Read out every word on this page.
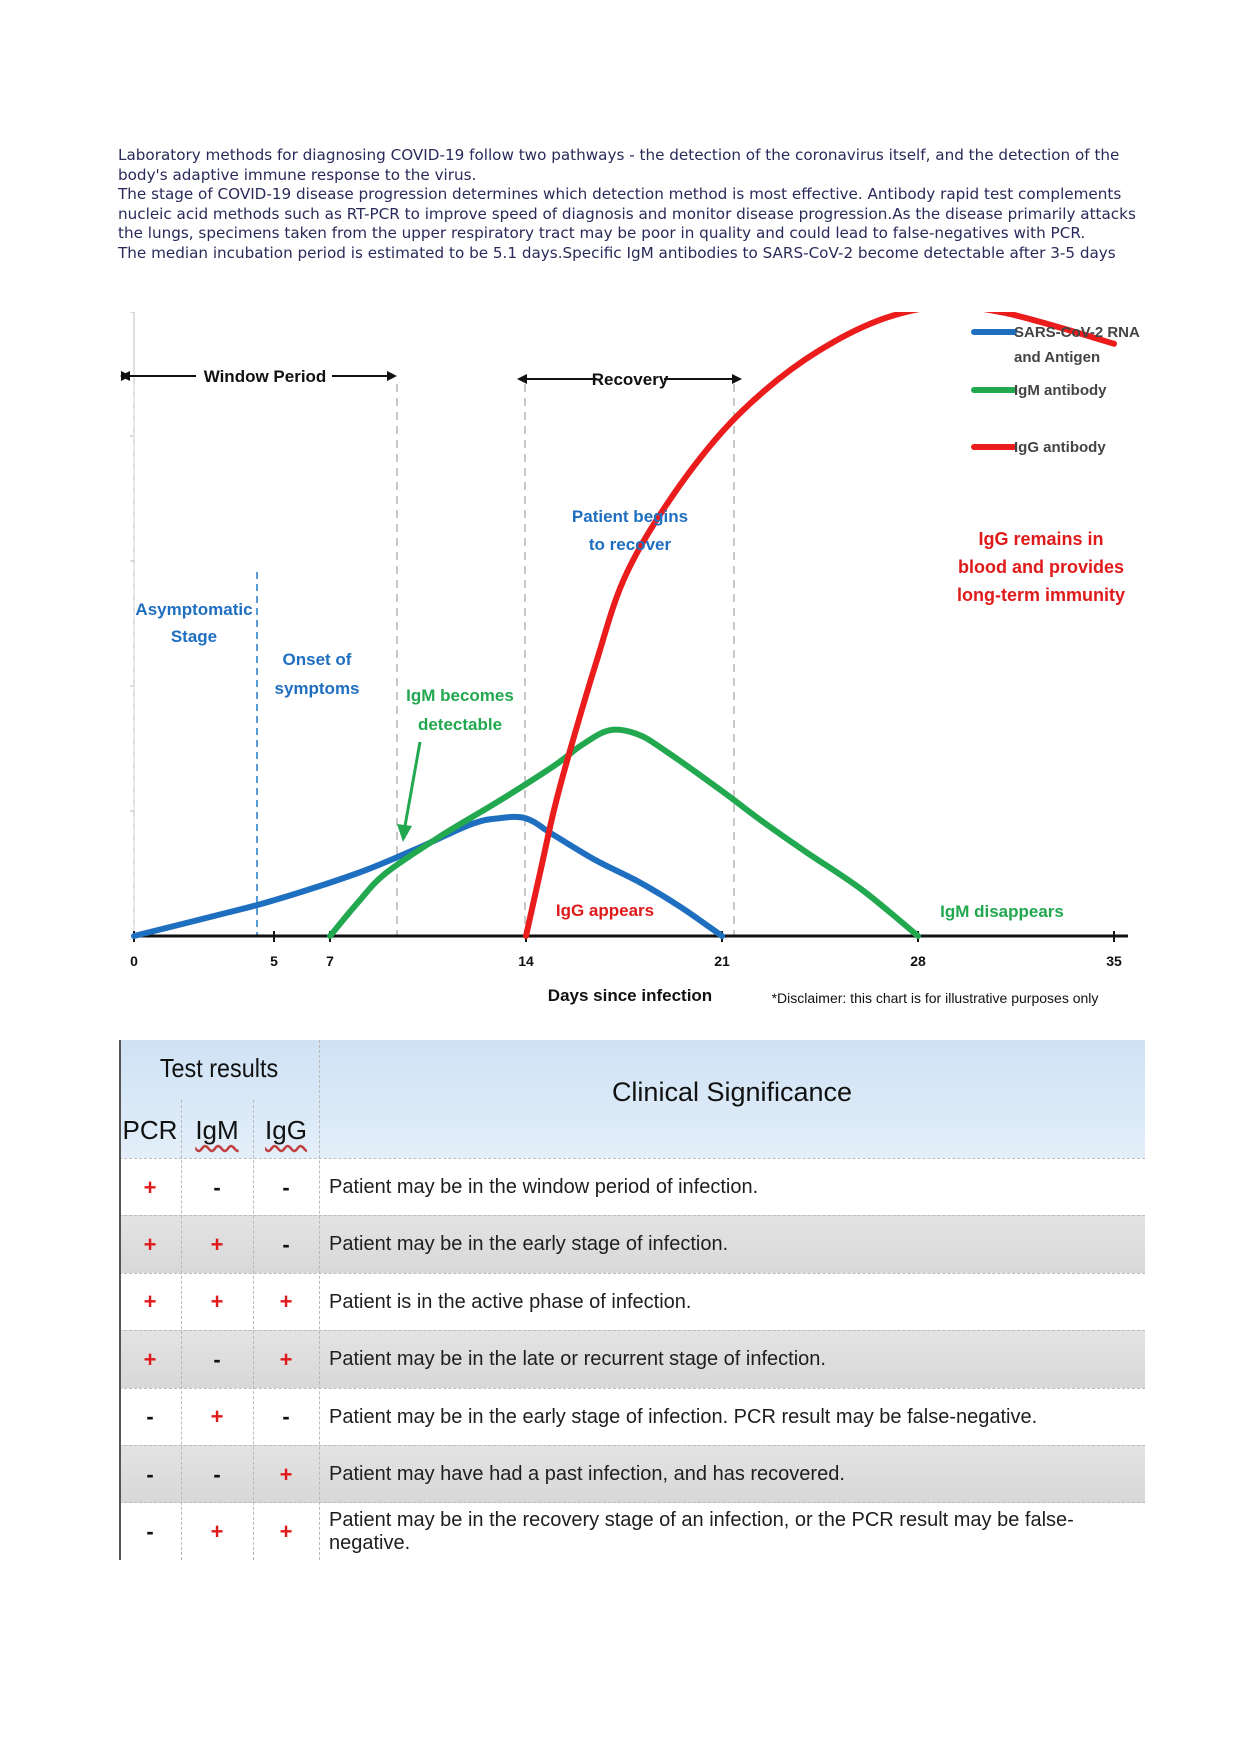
Laboratory methods for diagnosing COVID-19 follow two pathways - the detection of the coronavirus itself, and the detection of the body's adaptive immune response to the virus.

The stage of COVID-19 disease progression determines which detection method is most effective. Antibody rapid test complements nucleic acid methods such as RT-PCR to improve speed of diagnosis and monitor disease progression.As the disease primarily attacks the lungs, specimens taken from the upper respiratory tract may be poor in quality and could lead to false-negatives with PCR.

The median incubation period is estimated to be 5.1 days.Specific IgM antibodies to SARS-CoV-2 become detectable after 3-5 days

0	5	7	14	21	28	35
Days since infection
Window Period	Recovery
Asymptomatic
Stage
Onset of
symptoms	IgM becomes
detectable
Patient begins
to recover	IgG remains in
blood and provides
long-term immunity
IgG appears	IgM disappears
*Disclaimer: this chart is for illustrative purposes only
SARS-CoV-2 RNA
and Antigen
IgM antibody
IgG antibody
Test results
PCR IgM	IgG
Clinical Significance
+	-	-	Patient may be in the window period of infection.
+	+	-	Patient may be in the early stage of infection.
+	+	+	Patient is in the active phase of infection.
+	-	+	Patient may be in the late or recurrent stage of infection.
-	+	-	Patient may be in the early stage of infection. PCR result may be false-negative.
-	-	+	Patient may have had a past infection, and has recovered.
-	+	+	Patient may be in the recovery stage of an infection, or the PCR result may be false-negative.
